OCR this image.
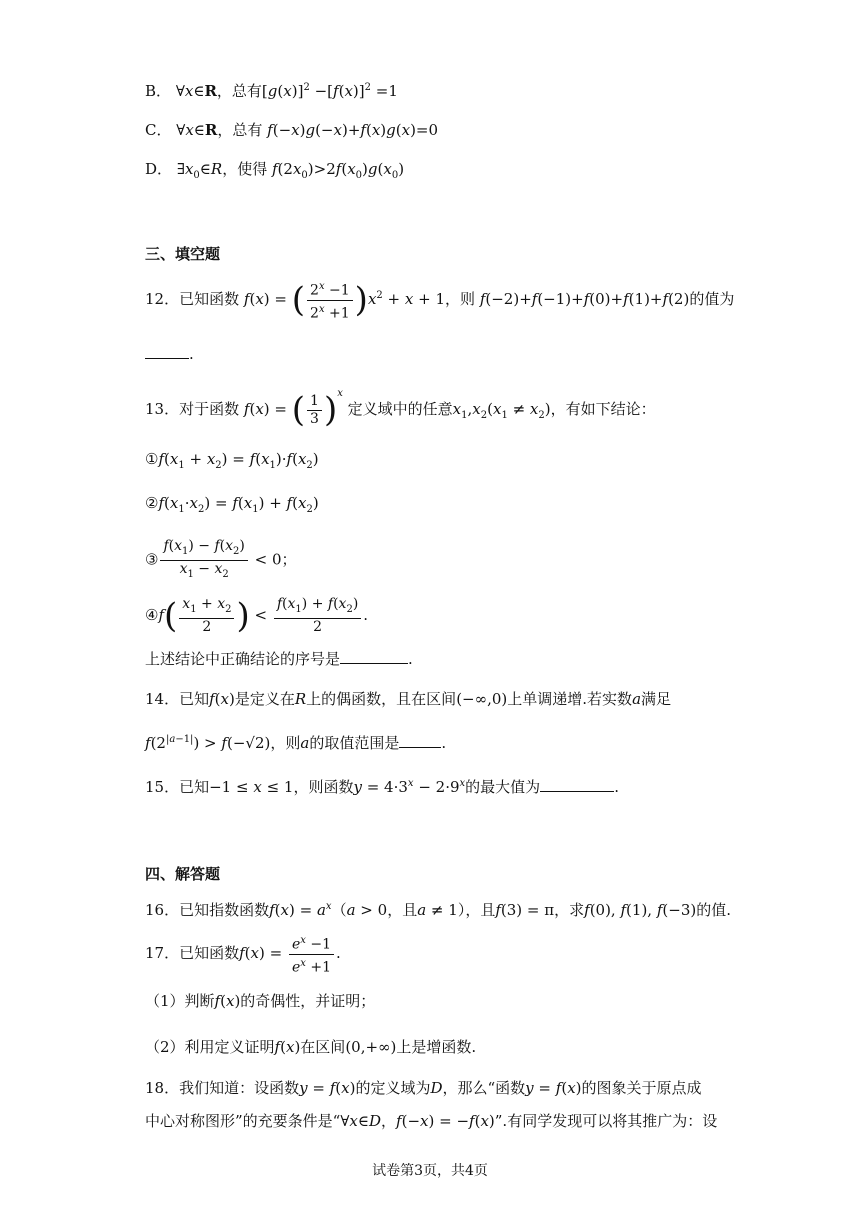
B． ∀x∈R，总有$[g(x)]^2 -[f(x)]^2 =1$
C． ∀x∈R，总有 f(−x)g(−x)+f(x)g(x)=0
D． $\exists x_0\in R$，使得 $f(2x_0)>2f(x_0)g(x_0)$
三、填空题
12．已知函数 f(x) = ( $\frac{2^x -1}{2^x +1} )x^2 + x + 1$，则 f(−2)+f(−1)+f(0)+f(1)+f(2)的值为
.
13．对于函数 f(x) = ( $\frac{1}{3} )^x$ 定义域中的任意$x_1,x_2(x_1 \ne x_2)$，有如下结论：
$①f(x_1 + x_2) = f(x_1)\cdot f(x_2)$
$②f(x_1\cdot x_2) = f(x_1) + f(x_2)$
③ $\frac{f(x_1) - f(x_2)}{x_1 - x_2} < 0$；
④f( $\frac{x_1 + x_2}{2}$ ) < $\frac{f(x_1) + f(x_2)}{2}$ .
上述结论中正确结论的序号是	.
14．已知f(x)是定义在R上的偶函数，且在区间(−∞,0)上单调递增.若实数a满足
$f(2^{|a-1|}) > f(-√2)$，则a的取值范围是	.
15．已知−1 ≤ x ≤ 1，则函数$y = 4\cdot 3^x - 2\cdot 9^x$的最大值为	.
四、解答题
16．已知指数函数$f(x) = a^x(a > 0$，且a ≠ 1），且f(3) = π，求f(0), f(1), f(−3)的值.
17．已知函数$f(x) = \frac{e^x -1}{e^x +1}$ .
（1）判断f(x)的奇偶性，并证明；
（2）利用定义证明f(x)在区间(0,+∞)上是增函数.
18．我们知道：设函数y = f(x)的定义域为D，那么“函数y = f(x)的图象关于原点成
中心对称图形”的充要条件是“∀x∈D，f(−x) = −f(x)”.有同学发现可以将其推广为：设
试卷第3页，共4页
